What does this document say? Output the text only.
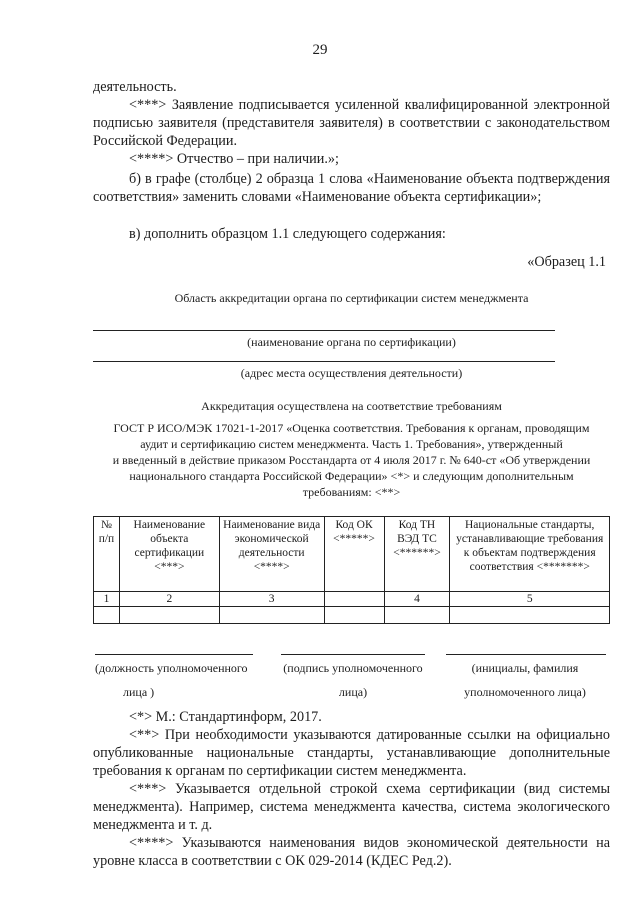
29

деятельность.

<***> Заявление подписывается усиленной квалифицированной электронной подписью заявителя (представителя заявителя) в соответствии с законодательством Российской Федерации.

<****> Отчество – при наличии.»;

б) в графе (столбце) 2 образца 1 слова «Наименование объекта подтверждения соответствия» заменить словами «Наименование объекта сертификации»;

в) дополнить образцом 1.1 следующего содержания:

«Образец 1.1
Область аккредитации органа по сертификации систем менеджмента
(наименование органа по сертификации)
(адрес места осуществления деятельности)
Аккредитация осуществлена на соответствие требованиям
ГОСТ Р ИСО/МЭК 17021-1-2017 «Оценка соответствия. Требования к органам, проводящим
аудит и сертификацию систем менеджмента. Часть 1. Требования», утвержденный
и введенный в действие приказом Росстандарта от 4 июля 2017 г. № 640-ст «Об утверждении
национального стандарта Российской Федерации» <*> и следующим дополнительным
требованиям: <**>
№ п/п	Наименование объекта сертификации <***>	Наименование вида экономической деятельности <****>	Код ОК <*****>	Код ТН ВЭД ТС <******>	Национальные стандарты, устанавливающие требования к объектам подтверждения соответствия <*******>
1	2	3		4	5

(должность уполномоченного
лица )
(подпись уполномоченного
лица)
(инициалы, фамилия
уполномоченного лица)

<*> М.: Стандартинформ, 2017.

<**> При необходимости указываются датированные ссылки на официально опубликованные национальные стандарты, устанавливающие дополнительные требования к органам по сертификации систем менеджмента.

<***> Указывается отдельной строкой схема сертификации (вид системы менеджмента). Например, система менеджмента качества, система экологического менеджмента и т. д.

<****> Указываются наименования видов экономической деятельности на уровне класса в соответствии с ОК 029-2014 (КДЕС Ред.2).
